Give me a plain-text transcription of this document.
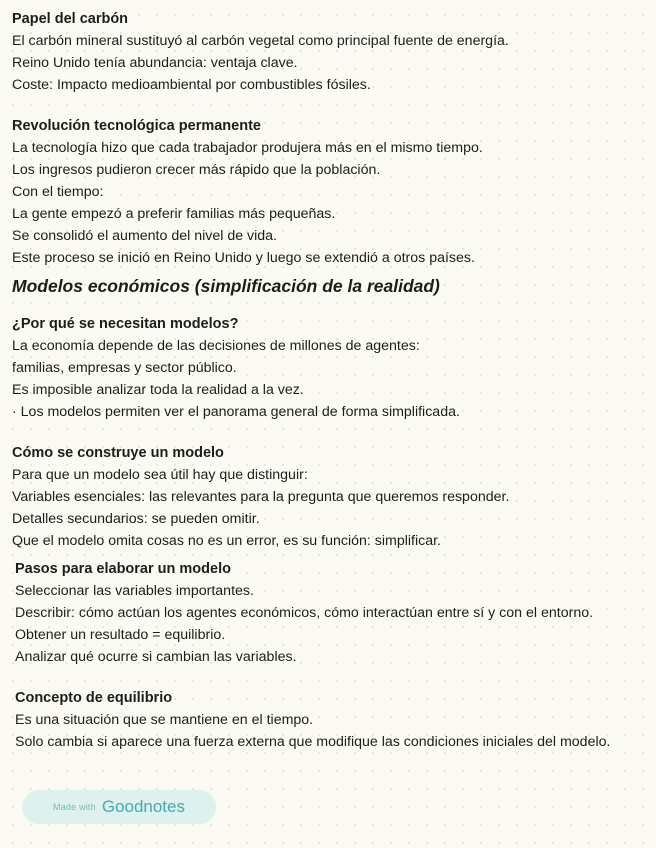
Papel del carbón
El carbón mineral sustituyó al carbón vegetal como principal fuente de energía.
Reino Unido tenía abundancia: ventaja clave.
Coste: Impacto medioambiental por combustibles fósiles.
Revolución tecnológica permanente
La tecnología hizo que cada trabajador produjera más en el mismo tiempo.
Los ingresos pudieron crecer más rápido que la población.
Con el tiempo:
La gente empezó a preferir familias más pequeñas.
Se consolidó el aumento del nivel de vida.
Este proceso se inició en Reino Unido y luego se extendió a otros países.
Modelos económicos (simplificación de la realidad)
¿Por qué se necesitan modelos?
La economía depende de las decisiones de millones de agentes:
familias, empresas y sector público.
Es imposible analizar toda la realidad a la vez.
· Los modelos permiten ver el panorama general de forma simplificada.
Cómo se construye un modelo
Para que un modelo sea útil hay que distinguir:
Variables esenciales: las relevantes para la pregunta que queremos responder.
Detalles secundarios: se pueden omitir.
Que el modelo omita cosas no es un error, es su función: simplificar.
Pasos para elaborar un modelo
Seleccionar las variables importantes.
Describir: cómo actúan los agentes económicos, cómo interactúan entre sí y con el entorno.
Obtener un resultado = equilibrio.
Analizar qué ocurre si cambian las variables.
Concepto de equilibrio
Es una situación que se mantiene en el tiempo.
Solo cambia si aparece una fuerza externa que modifique las condiciones iniciales del modelo.
Made with Goodnotes
